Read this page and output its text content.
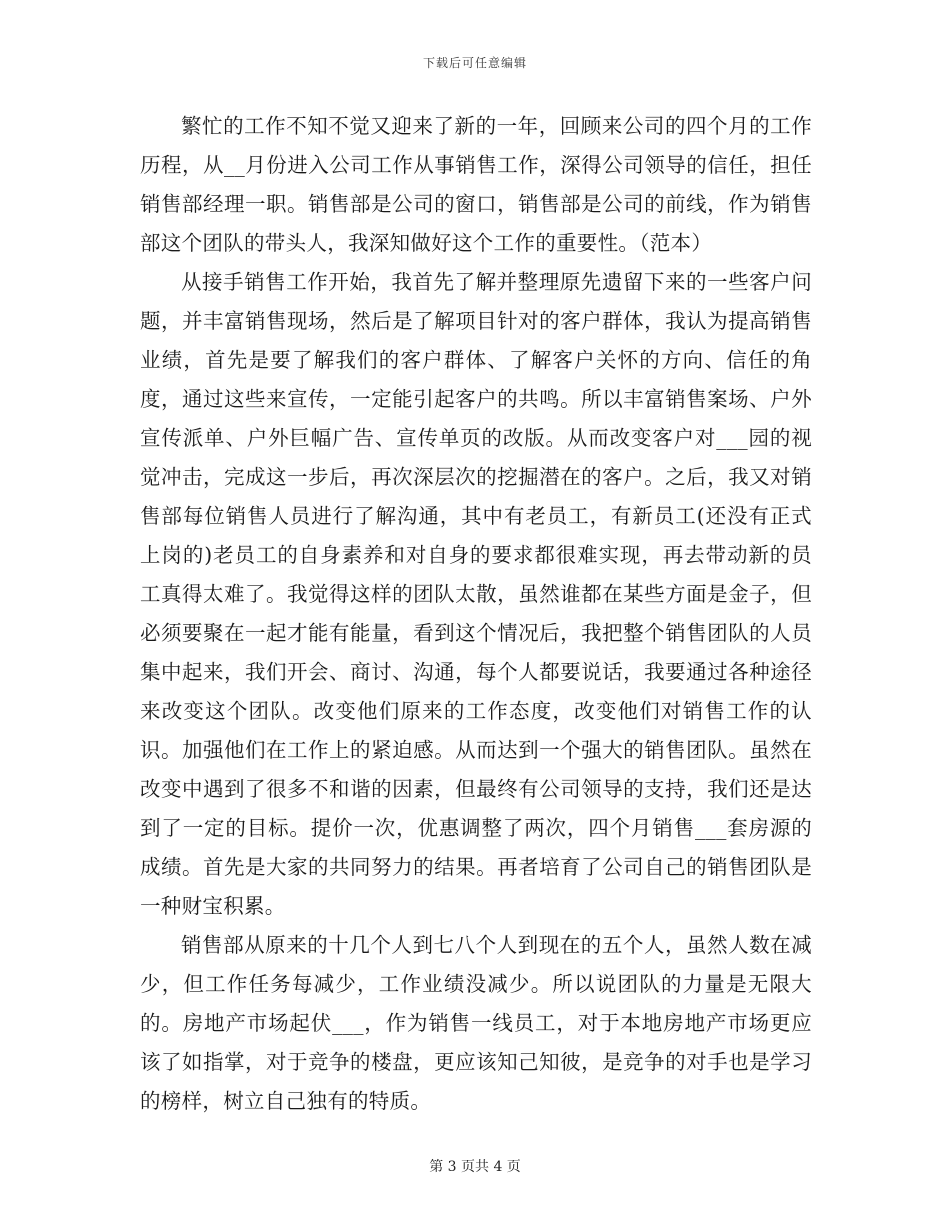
下载后可任意编辑

繁忙的工作不知不觉又迎来了新的一年，回顾来公司的四个月的工作历程，从__月份进入公司工作从事销售工作，深得公司领导的信任，担任销售部经理一职。销售部是公司的窗口，销售部是公司的前线，作为销售部这个团队的带头人，我深知做好这个工作的重要性。（范本）

从接手销售工作开始，我首先了解并整理原先遗留下来的一些客户问题，并丰富销售现场，然后是了解项目针对的客户群体，我认为提高销售业绩，首先是要了解我们的客户群体、了解客户关怀的方向、信任的角度，通过这些来宣传，一定能引起客户的共鸣。所以丰富销售案场、户外宣传派单、户外巨幅广告、宣传单页的改版。从而改变客户对___园的视觉冲击，完成这一步后，再次深层次的挖掘潜在的客户。之后，我又对销售部每位销售人员进行了解沟通，其中有老员工，有新员工(还没有正式上岗的)老员工的自身素养和对自身的要求都很难实现，再去带动新的员工真得太难了。我觉得这样的团队太散，虽然谁都在某些方面是金子，但必须要聚在一起才能有能量，看到这个情况后，我把整个销售团队的人员集中起来，我们开会、商讨、沟通，每个人都要说话，我要通过各种途径来改变这个团队。改变他们原来的工作态度，改变他们对销售工作的认识。加强他们在工作上的紧迫感。从而达到一个强大的销售团队。虽然在改变中遇到了很多不和谐的因素，但最终有公司领导的支持，我们还是达到了一定的目标。提价一次，优惠调整了两次，四个月销售___套房源的成绩。首先是大家的共同努力的结果。再者培育了公司自己的销售团队是一种财宝积累。

销售部从原来的十几个人到七八个人到现在的五个人，虽然人数在减少，但工作任务每减少，工作业绩没减少。所以说团队的力量是无限大的。房地产市场起伏___，作为销售一线员工，对于本地房地产市场更应该了如指掌，对于竞争的楼盘，更应该知己知彼，是竞争的对手也是学习的榜样，树立自己独有的特质。

第 3 页共 4 页
